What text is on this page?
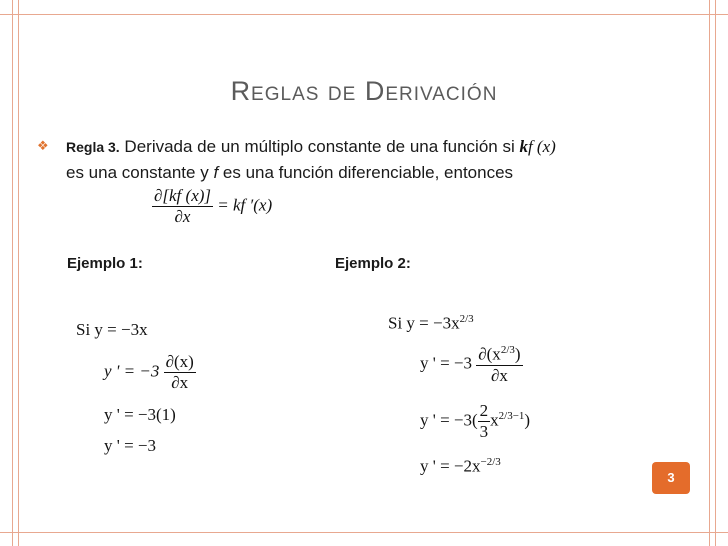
Reglas de Derivación
❖ Regla 3. Derivada de un múltiplo constante de una función si kf (x)
es una constante y f es una función diferenciable, entonces
$\frac{\partial[kf (x)]}{\partial x}$ = kf ′(x)
Ejemplo 1:
Si y = −3x
y ' = $-3 \frac{\partial(x)}{\partial x}$
y ' = −3(1)
y ' = −3
Ejemplo 2:
Si $y = -3x^{2/3}$
y ' = $-3 \frac{\partial(x^{2/3})}{\partial x}$
y ' = $-3( \frac{2}{3} x^{2/3-1})$
y ' = $-2x^{-2/3}$
3
